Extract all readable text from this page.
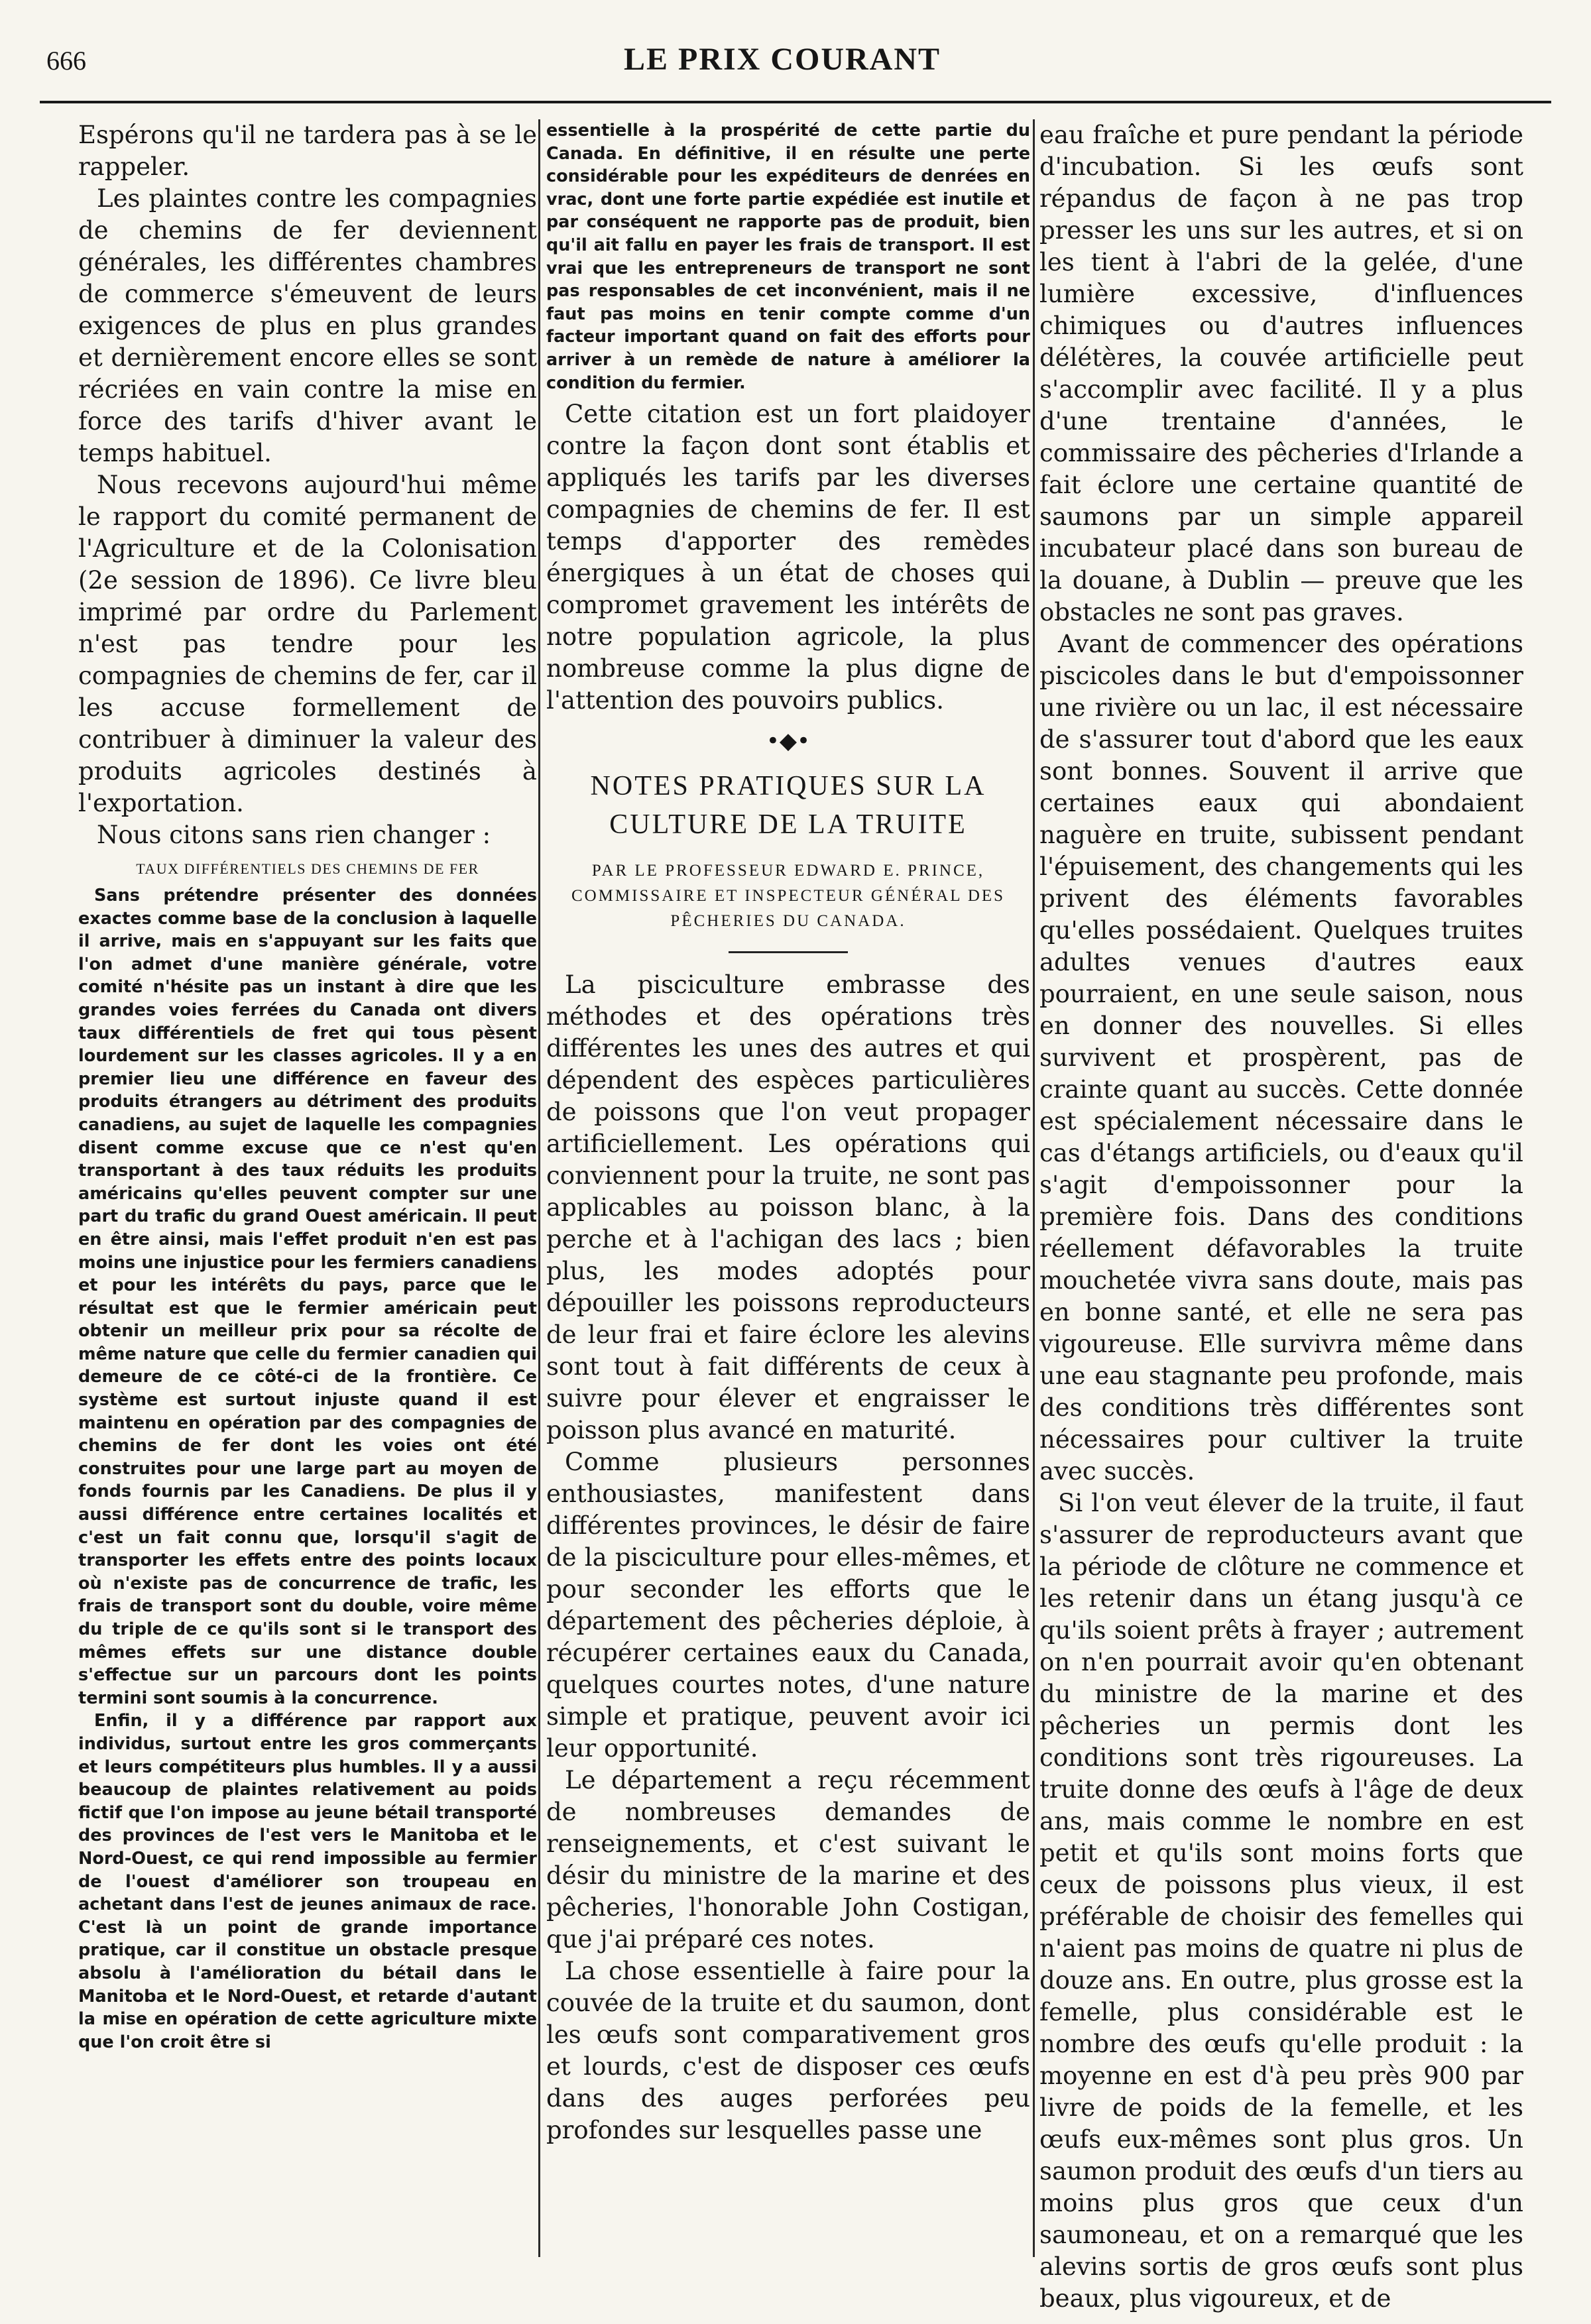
666	LE PRIX COURANT

Espérons qu'il ne tardera pas à se le rappeler.

Les plaintes contre les compagnies de chemins de fer deviennent générales, les différentes chambres de commerce s'émeuvent de leurs exigences de plus en plus grandes et dernièrement encore elles se sont récriées en vain contre la mise en force des tarifs d'hiver avant le temps habituel.

Nous recevons aujourd'hui même le rapport du comité permanent de l'Agriculture et de la Colonisation (2e session de 1896). Ce livre bleu imprimé par ordre du Parlement n'est pas tendre pour les compagnies de chemins de fer, car il les accuse formellement de contribuer à diminuer la valeur des produits agricoles destinés à l'exportation.

Nous citons sans rien changer :

TAUX DIFFÉRENTIELS DES CHEMINS DE FER

Sans prétendre présenter des données exactes comme base de la conclusion à laquelle il arrive, mais en s'appuyant sur les faits que l'on admet d'une manière générale, votre comité n'hésite pas un instant à dire que les grandes voies ferrées du Canada ont divers taux différentiels de fret qui tous pèsent lourdement sur les classes agricoles. Il y a en premier lieu une différence en faveur des produits étrangers au détriment des produits canadiens, au sujet de laquelle les compagnies disent comme excuse que ce n'est qu'en transportant à des taux réduits les produits américains qu'elles peuvent compter sur une part du trafic du grand Ouest américain. Il peut en être ainsi, mais l'effet produit n'en est pas moins une injustice pour les fermiers canadiens et pour les intérêts du pays, parce que le résultat est que le fermier américain peut obtenir un meilleur prix pour sa récolte de même nature que celle du fermier canadien qui demeure de ce côté-ci de la frontière. Ce système est surtout injuste quand il est maintenu en opération par des compagnies de chemins de fer dont les voies ont été construites pour une large part au moyen de fonds fournis par les Canadiens. De plus il y aussi différence entre certaines localités et c'est un fait connu que, lorsqu'il s'agit de transporter les effets entre des points locaux où n'existe pas de concurrence de trafic, les frais de transport sont du double, voire même du triple de ce qu'ils sont si le transport des mêmes effets sur une distance double s'effectue sur un parcours dont les points termini sont soumis à la concurrence.

Enfin, il y a différence par rapport aux individus, surtout entre les gros commerçants et leurs compétiteurs plus humbles. Il y a aussi beaucoup de plaintes relativement au poids fictif que l'on impose au jeune bétail transporté des provinces de l'est vers le Manitoba et le Nord-Ouest, ce qui rend impossible au fermier de l'ouest d'améliorer son troupeau en achetant dans l'est de jeunes animaux de race. C'est là un point de grande importance pratique, car il constitue un obstacle presque absolu à l'amélioration du bétail dans le Manitoba et le Nord-Ouest, et retarde d'autant la mise en opération de cette agriculture mixte que l'on croit être si

essentielle à la prospérité de cette partie du Canada. En définitive, il en résulte une perte considérable pour les expéditeurs de denrées en vrac, dont une forte partie expédiée est inutile et par conséquent ne rapporte pas de produit, bien qu'il ait fallu en payer les frais de transport. Il est vrai que les entrepreneurs de transport ne sont pas responsables de cet inconvénient, mais il ne faut pas moins en tenir compte comme d'un facteur important quand on fait des efforts pour arriver à un remède de nature à améliorer la condition du fermier.

Cette citation est un fort plaidoyer contre la façon dont sont établis et appliqués les tarifs par les diverses compagnies de chemins de fer. Il est temps d'apporter des remèdes énergiques à un état de choses qui compromet gravement les intérêts de notre population agricole, la plus nombreuse comme la plus digne de l'attention des pouvoirs publics.

•◆•
NOTES PRATIQUES SUR LA CULTURE DE LA TRUITE
PAR LE PROFESSEUR EDWARD E. PRINCE, COMMISSAIRE ET INSPECTEUR GÉNÉRAL DES PÊCHERIES DU CANADA.

La pisciculture embrasse des méthodes et des opérations très différentes les unes des autres et qui dépendent des espèces particulières de poissons que l'on veut propager artificiellement. Les opérations qui conviennent pour la truite, ne sont pas applicables au poisson blanc, à la perche et à l'achigan des lacs ; bien plus, les modes adoptés pour dépouiller les poissons reproducteurs de leur frai et faire éclore les alevins sont tout à fait différents de ceux à suivre pour élever et engraisser le poisson plus avancé en maturité.

Comme plusieurs personnes enthousiastes, manifestent dans différentes provinces, le désir de faire de la pisciculture pour elles-mêmes, et pour seconder les efforts que le département des pêcheries déploie, à récupérer certaines eaux du Canada, quelques courtes notes, d'une nature simple et pratique, peuvent avoir ici leur opportunité.

Le département a reçu récemment de nombreuses demandes de renseignements, et c'est suivant le désir du ministre de la marine et des pêcheries, l'honorable John Costigan, que j'ai préparé ces notes.

La chose essentielle à faire pour la couvée de la truite et du saumon, dont les œufs sont comparativement gros et lourds, c'est de disposer ces œufs dans des auges perforées peu profondes sur lesquelles passe une

eau fraîche et pure pendant la période d'incubation. Si les œufs sont répandus de façon à ne pas trop presser les uns sur les autres, et si on les tient à l'abri de la gelée, d'une lumière excessive, d'influences chimiques ou d'autres influences délétères, la couvée artificielle peut s'accomplir avec facilité. Il y a plus d'une trentaine d'années, le commissaire des pêcheries d'Irlande a fait éclore une certaine quantité de saumons par un simple appareil incubateur placé dans son bureau de la douane, à Dublin — preuve que les obstacles ne sont pas graves.

Avant de commencer des opérations piscicoles dans le but d'empoissonner une rivière ou un lac, il est nécessaire de s'assurer tout d'abord que les eaux sont bonnes. Souvent il arrive que certaines eaux qui abondaient naguère en truite, subissent pendant l'épuisement, des changements qui les privent des éléments favorables qu'elles possédaient. Quelques truites adultes venues d'autres eaux pourraient, en une seule saison, nous en donner des nouvelles. Si elles survivent et prospèrent, pas de crainte quant au succès. Cette donnée est spécialement nécessaire dans le cas d'étangs artificiels, ou d'eaux qu'il s'agit d'empoissonner pour la première fois. Dans des conditions réellement défavorables la truite mouchetée vivra sans doute, mais pas en bonne santé, et elle ne sera pas vigoureuse. Elle survivra même dans une eau stagnante peu profonde, mais des conditions très différentes sont nécessaires pour cultiver la truite avec succès.

Si l'on veut élever de la truite, il faut s'assurer de reproducteurs avant que la période de clôture ne commence et les retenir dans un étang jusqu'à ce qu'ils soient prêts à frayer ; autrement on n'en pourrait avoir qu'en obtenant du ministre de la marine et des pêcheries un permis dont les conditions sont très rigoureuses. La truite donne des œufs à l'âge de deux ans, mais comme le nombre en est petit et qu'ils sont moins forts que ceux de poissons plus vieux, il est préférable de choisir des femelles qui n'aient pas moins de quatre ni plus de douze ans. En outre, plus grosse est la femelle, plus considérable est le nombre des œufs qu'elle produit : la moyenne en est d'à peu près 900 par livre de poids de la femelle, et les œufs eux-mêmes sont plus gros. Un saumon produit des œufs d'un tiers au moins plus gros que ceux d'un saumoneau, et on a remarqué que les alevins sortis de gros œufs sont plus beaux, plus vigoureux, et de
